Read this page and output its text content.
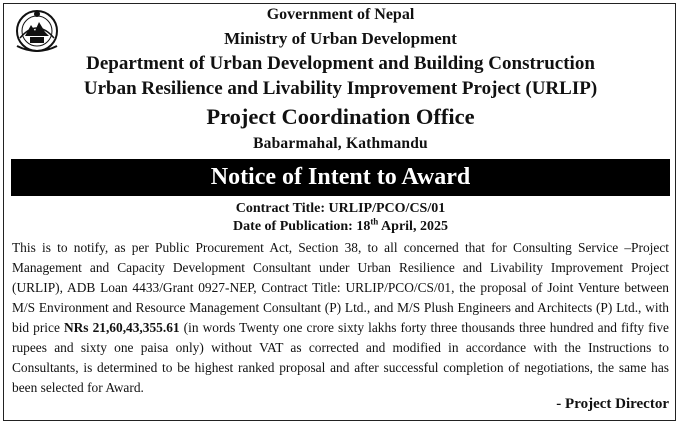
Government of Nepal
Ministry of Urban Development
Department of Urban Development and Building Construction
Urban Resilience and Livability Improvement Project (URLIP)
Project Coordination Office
Babarmahal, Kathmandu
Notice of Intent to Award
Contract Title: URLIP/PCO/CS/01
Date of Publication: 18th April, 2025
This is to notify, as per Public Procurement Act, Section 38, to all concerned that for Consulting Service –Project Management and Capacity Development Consultant under Urban Resilience and Livability Improvement Project (URLIP), ADB Loan 4433/Grant 0927-NEP, Contract Title: URLIP/PCO/CS/01, the proposal of Joint Venture between M/S Environment and Resource Management Consultant (P) Ltd., and M/S Plush Engineers and Architects (P) Ltd., with bid price NRs 21,60,43,355.61 (in words Twenty one crore sixty lakhs forty three thousands three hundred and fifty five rupees and sixty one paisa only) without VAT as corrected and modified in accordance with the Instructions to Consultants, is determined to be highest ranked proposal and after successful completion of negotiations, the same has been selected for Award.
- Project Director
